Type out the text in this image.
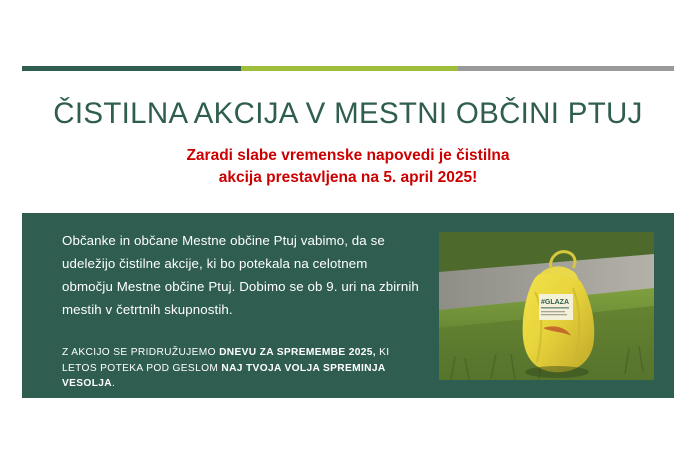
ČISTILNA AKCIJA V MESTNI OBČINI PTUJ
Zaradi slabe vremenske napovedi je čistilna
akcija prestavljena na 5. april 2025!

Občanke in občane Mestne občine Ptuj vabimo, da se udeležijo čistilne akcije, ki bo potekala na celotnem območju Mestne občine Ptuj. Dobimo se ob 9. uri na zbirnih mestih v četrtnih skupnostih.

Z AKCIJO SE PRIDRUŽUJEMO DNEVU ZA SPREMEMBE 2025, KI LETOS POTEKA POD GESLOM NAJ TVOJA VOLJA SPREMINJA VESOLJA.

#GLAZA
